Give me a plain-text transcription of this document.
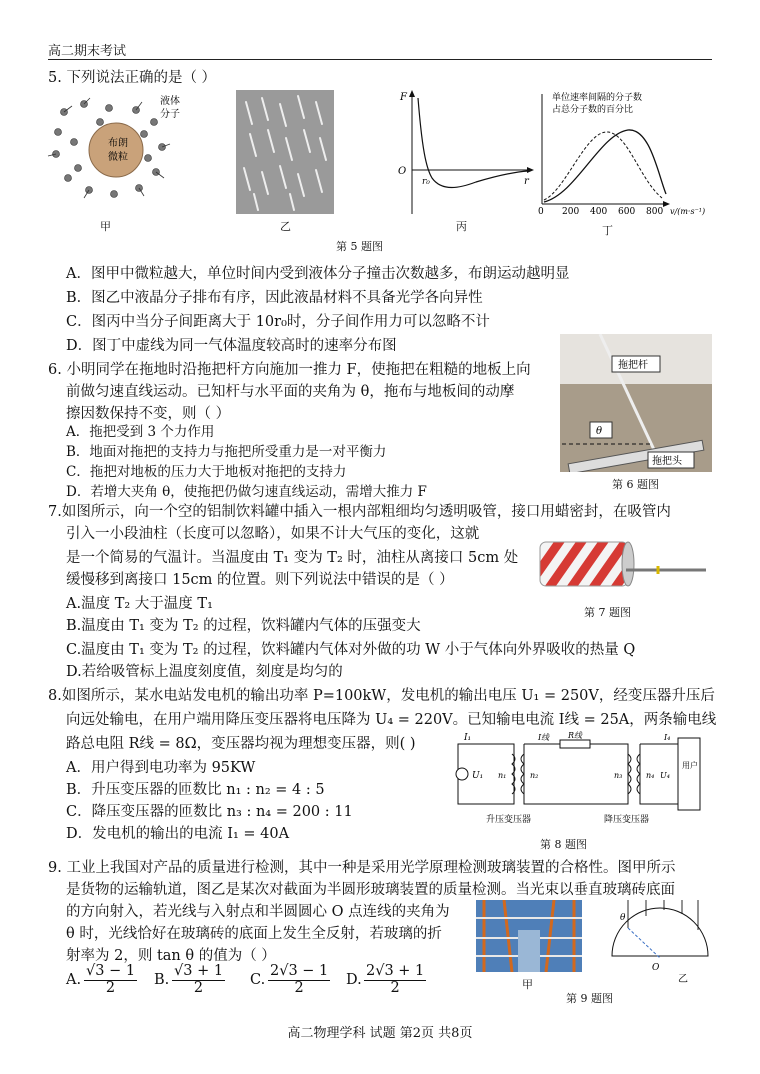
高二期末考试
5. 下列说法正确的是（ ）
布朗
微粒
液体
分子
甲	乙
F
O
r₀	r
丙
单位速率间隔的分子数
占总分子数的百分比
0 200 400 600 800 v/(m·s⁻¹)
丁
第 5 题图
A．图甲中微粒越大，单位时间内受到液体分子撞击次数越多，布朗运动越明显
B．图乙中液晶分子排布有序，因此液晶材料不具备光学各向异性
C．图丙中当分子间距离大于 10r₀时，分子间作用力可以忽略不计
D．图丁中虚线为同一气体温度较高时的速率分布图
6. 小明同学在拖地时沿拖把杆方向施加一推力 F，使拖把在粗糙的地板上向
前做匀速直线运动。已知杆与水平面的夹角为 θ，拖布与地板间的动摩
擦因数保持不变，则（ ）
A．拖把受到 3 个力作用
B．地面对拖把的支持力与拖把所受重力是一对平衡力
C．拖把对地板的压力大于地板对拖把的支持力
D．若增大夹角 θ，使拖把仍做匀速直线运动，需增大推力 F
拖把杆
θ
拖把头
第 6 题图
7.如图所示，向一个空的铝制饮料罐中插入一根内部粗细均匀透明吸管，接口用蜡密封，在吸管内
引入一小段油柱（长度可以忽略），如果不计大气压的变化，这就
是一个简易的气温计。当温度由 T₁ 变为 T₂ 时，油柱从离接口 5cm 处
缓慢移到离接口 15cm 的位置。则下列说法中错误的是（ ）
第 7 题图
A.温度 T₂ 大于温度 T₁
B.温度由 T₁ 变为 T₂ 的过程，饮料罐内气体的压强变大
C.温度由 T₁ 变为 T₂ 的过程，饮料罐内气体对外做的功 W 小于气体向外界吸收的热量 Q
D.若给吸管标上温度刻度值，刻度是均匀的
8.如图所示，某水电站发电机的输出功率 P=100kW，发电机的输出电压 U₁ = 250V，经变压器升压后
向远处输电，在用户端用降压变压器将电压降为 U₄ = 220V。已知输电电流 I线 = 25A，两条输电线
路总电阻 R线 = 8Ω，变压器均视为理想变压器，则( )
A．用户得到电功率为 95KW
B．升压变压器的匝数比 n₁ : n₂ = 4 : 5
C．降压变压器的匝数比 n₃ : n₄ = 200 : 11
D．发电机的输出的电流 I₁ = 40A
I₁
U₁ n₁	n₂
I线 R线
n₃	n₄ U₄
I₄
用户
升压变压器	降压变压器
第 8 题图
9. 工业上我国对产品的质量进行检测，其中一种是采用光学原理检测玻璃装置的合格性。图甲所示
是货物的运输轨道，图乙是某次对截面为半圆形玻璃装置的质量检测。当光束以垂直玻璃砖底面
的方向射入，若光线与入射点和半圆圆心 O 点连线的夹角为
θ 时，光线恰好在玻璃砖的底面上发生全反射，若玻璃的折
射率为 2，则 tan θ 的值为（ ）
A. $\frac{√3 - 1}{2} B$. $\frac{√3 + 1}{2} C$. $\frac{2√3 - 1}{2} D$. $\frac{2√3 + 1}{2}$	甲
θ
O
乙
第 9 题图
高二物理学科 试题 第2页 共8页
